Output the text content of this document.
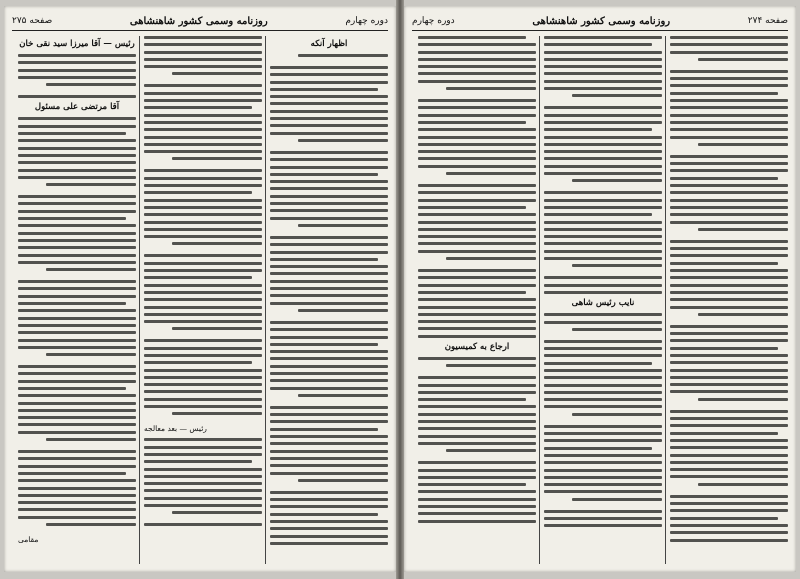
دوره چهارم
روزنامه وسمی کشور شاهنشاهی
صفحه ۲۷۵
اظهار آنکه
رئیس — بعد معالجه
رئیس — آقا میرزا سید نقی خان
آقا مرتضی علی مسئول
مقامی
صفحه ۲۷۴
روزنامه وسمی کشور شاهنشاهی
دوره چهارم
نایب رئیس شاهی
ارجاع به کمیسیون
